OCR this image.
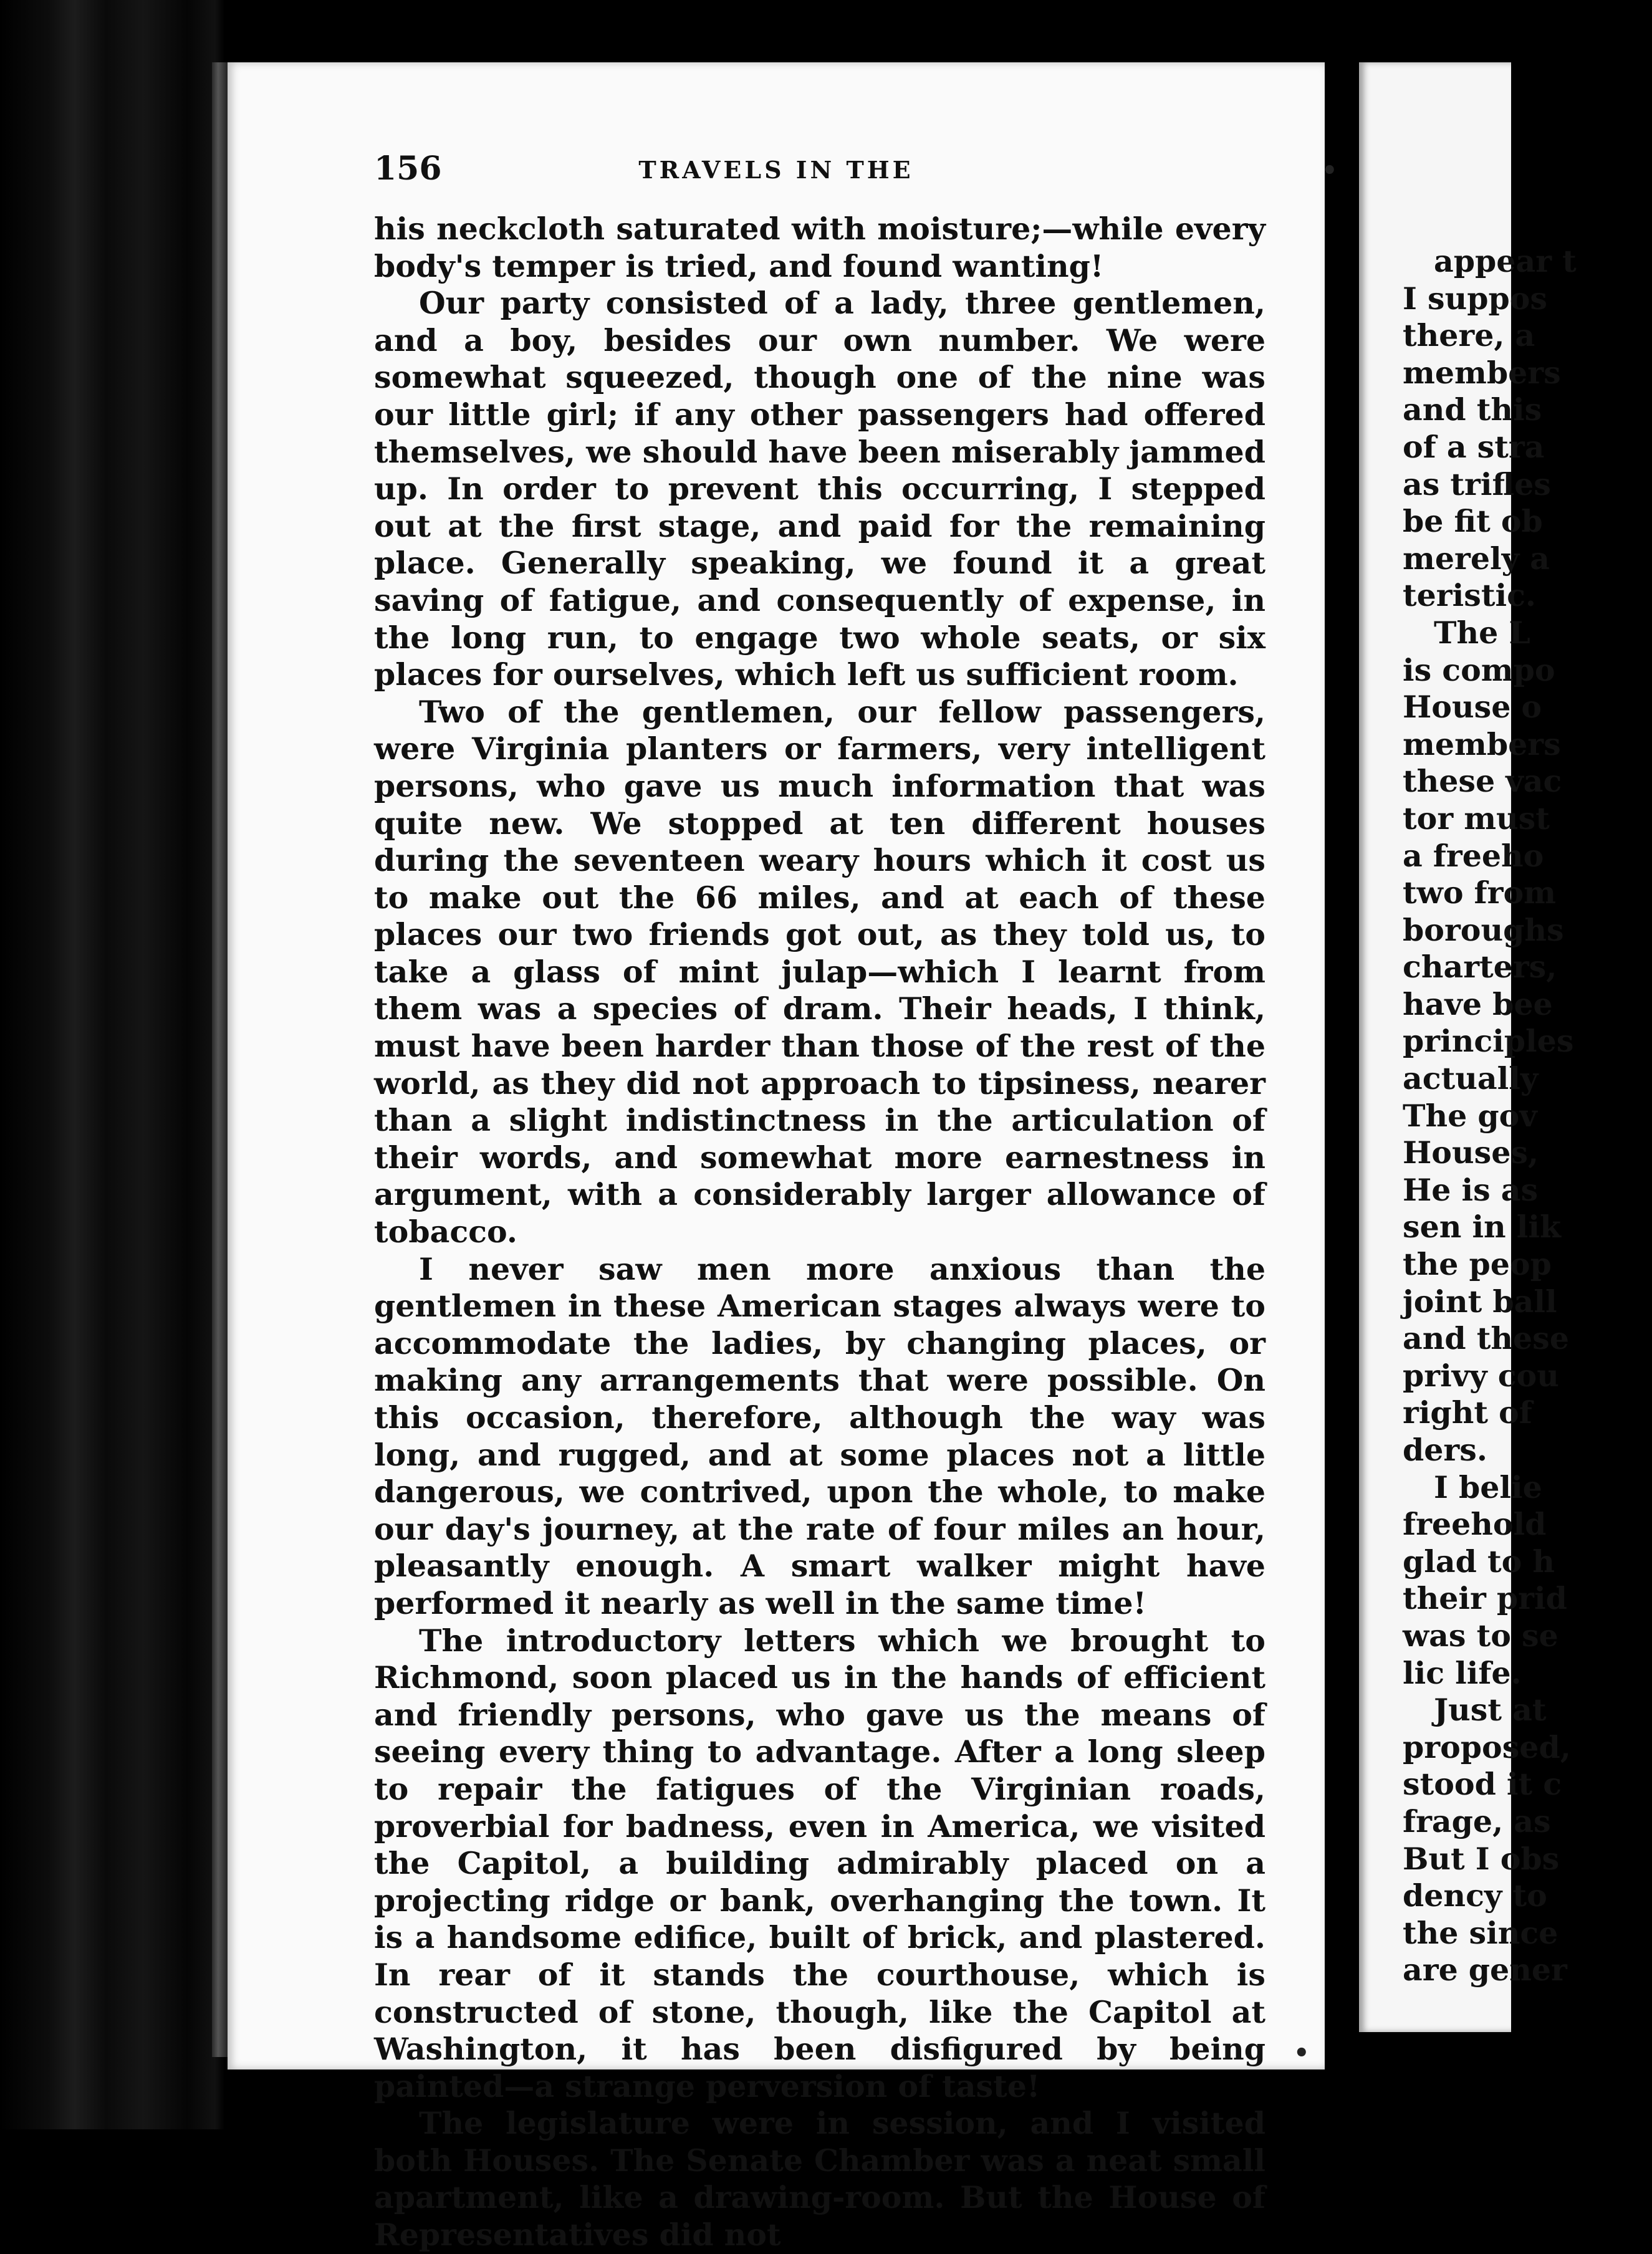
156	TRAVELS IN THE

his neckcloth saturated with moisture;—while every body's temper is tried, and found wanting!

Our party consisted of a lady, three gentlemen, and a boy, besides our own number. We were somewhat squeezed, though one of the nine was our little girl; if any other passengers had offered themselves, we should have been miserably jammed up. In order to prevent this occurring, I stepped out at the first stage, and paid for the remaining place. Generally speaking, we found it a great saving of fatigue, and consequently of expense, in the long run, to engage two whole seats, or six places for ourselves, which left us sufficient room.

Two of the gentlemen, our fellow passengers, were Virginia planters or farmers, very intelligent persons, who gave us much information that was quite new. We stopped at ten different houses during the seventeen weary hours which it cost us to make out the 66 miles, and at each of these places our two friends got out, as they told us, to take a glass of mint julap—which I learnt from them was a species of dram. Their heads, I think, must have been harder than those of the rest of the world, as they did not approach to tipsiness, nearer than a slight indistinctness in the articulation of their words, and somewhat more earnestness in argument, with a considerably larger allowance of tobacco.

I never saw men more anxious than the gentlemen in these American stages always were to accommodate the ladies, by changing places, or making any arrangements that were possible. On this occasion, therefore, although the way was long, and rugged, and at some places not a little dangerous, we contrived, upon the whole, to make our day's journey, at the rate of four miles an hour, pleasantly enough. A smart walker might have performed it nearly as well in the same time!

The introductory letters which we brought to Richmond, soon placed us in the hands of efficient and friendly persons, who gave us the means of seeing every thing to advantage. After a long sleep to repair the fatigues of the Virginian roads, proverbial for badness, even in America, we visited the Capitol, a building admirably placed on a projecting ridge or bank, overhanging the town. It is a handsome edifice, built of brick, and plastered. In rear of it stands the courthouse, which is constructed of stone, though, like the Capitol at Washington, it has been disfigured by being painted—a strange perversion of taste!

The legislature were in session, and I visited both Houses. The Senate Chamber was a neat small apartment, like a drawing-room. But the House of Representatives did not

appear t
I suppos
there, a
members
and this
of a stra
as trifles
be fit ob
merely a
teristic.
The L
is compo
House o
members
these vac
tor must
a freeho
two from
boroughs
charters,
have bee
principles
actually
The gov
Houses,
He is as
sen in lik
the peop
joint ball
and these
privy cou
right of
ders.
I belie
freehold
glad to h
their prid
was to se
lic life.
Just at
proposed,
stood it c
frage, as
But I obs
dency to
the since
are gener
•
•
